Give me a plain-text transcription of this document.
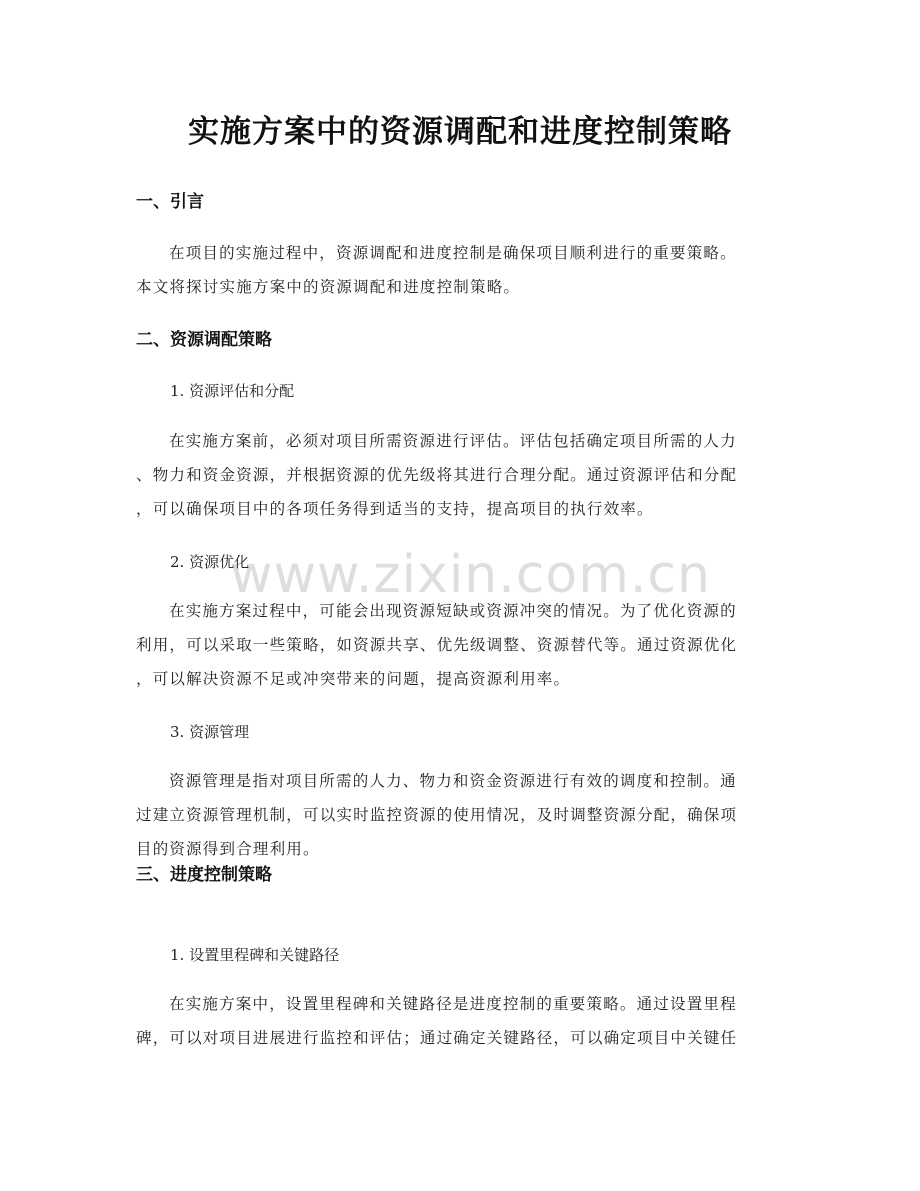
实施方案中的资源调配和进度控制策略
www.zixin.com.cn
一、引言
在项目的实施过程中，资源调配和进度控制是确保项目顺利进行的重要策略。
本文将探讨实施方案中的资源调配和进度控制策略。
二、资源调配策略
1. 资源评估和分配
在实施方案前，必须对项目所需资源进行评估。评估包括确定项目所需的人力
、物力和资金资源，并根据资源的优先级将其进行合理分配。通过资源评估和分配
，可以确保项目中的各项任务得到适当的支持，提高项目的执行效率。
2. 资源优化
在实施方案过程中，可能会出现资源短缺或资源冲突的情况。为了优化资源的
利用，可以采取一些策略，如资源共享、优先级调整、资源替代等。通过资源优化
，可以解决资源不足或冲突带来的问题，提高资源利用率。
3. 资源管理
资源管理是指对项目所需的人力、物力和资金资源进行有效的调度和控制。通
过建立资源管理机制，可以实时监控资源的使用情况，及时调整资源分配，确保项
目的资源得到合理利用。
三、进度控制策略
1. 设置里程碑和关键路径
在实施方案中，设置里程碑和关键路径是进度控制的重要策略。通过设置里程
碑，可以对项目进展进行监控和评估；通过确定关键路径，可以确定项目中关键任
